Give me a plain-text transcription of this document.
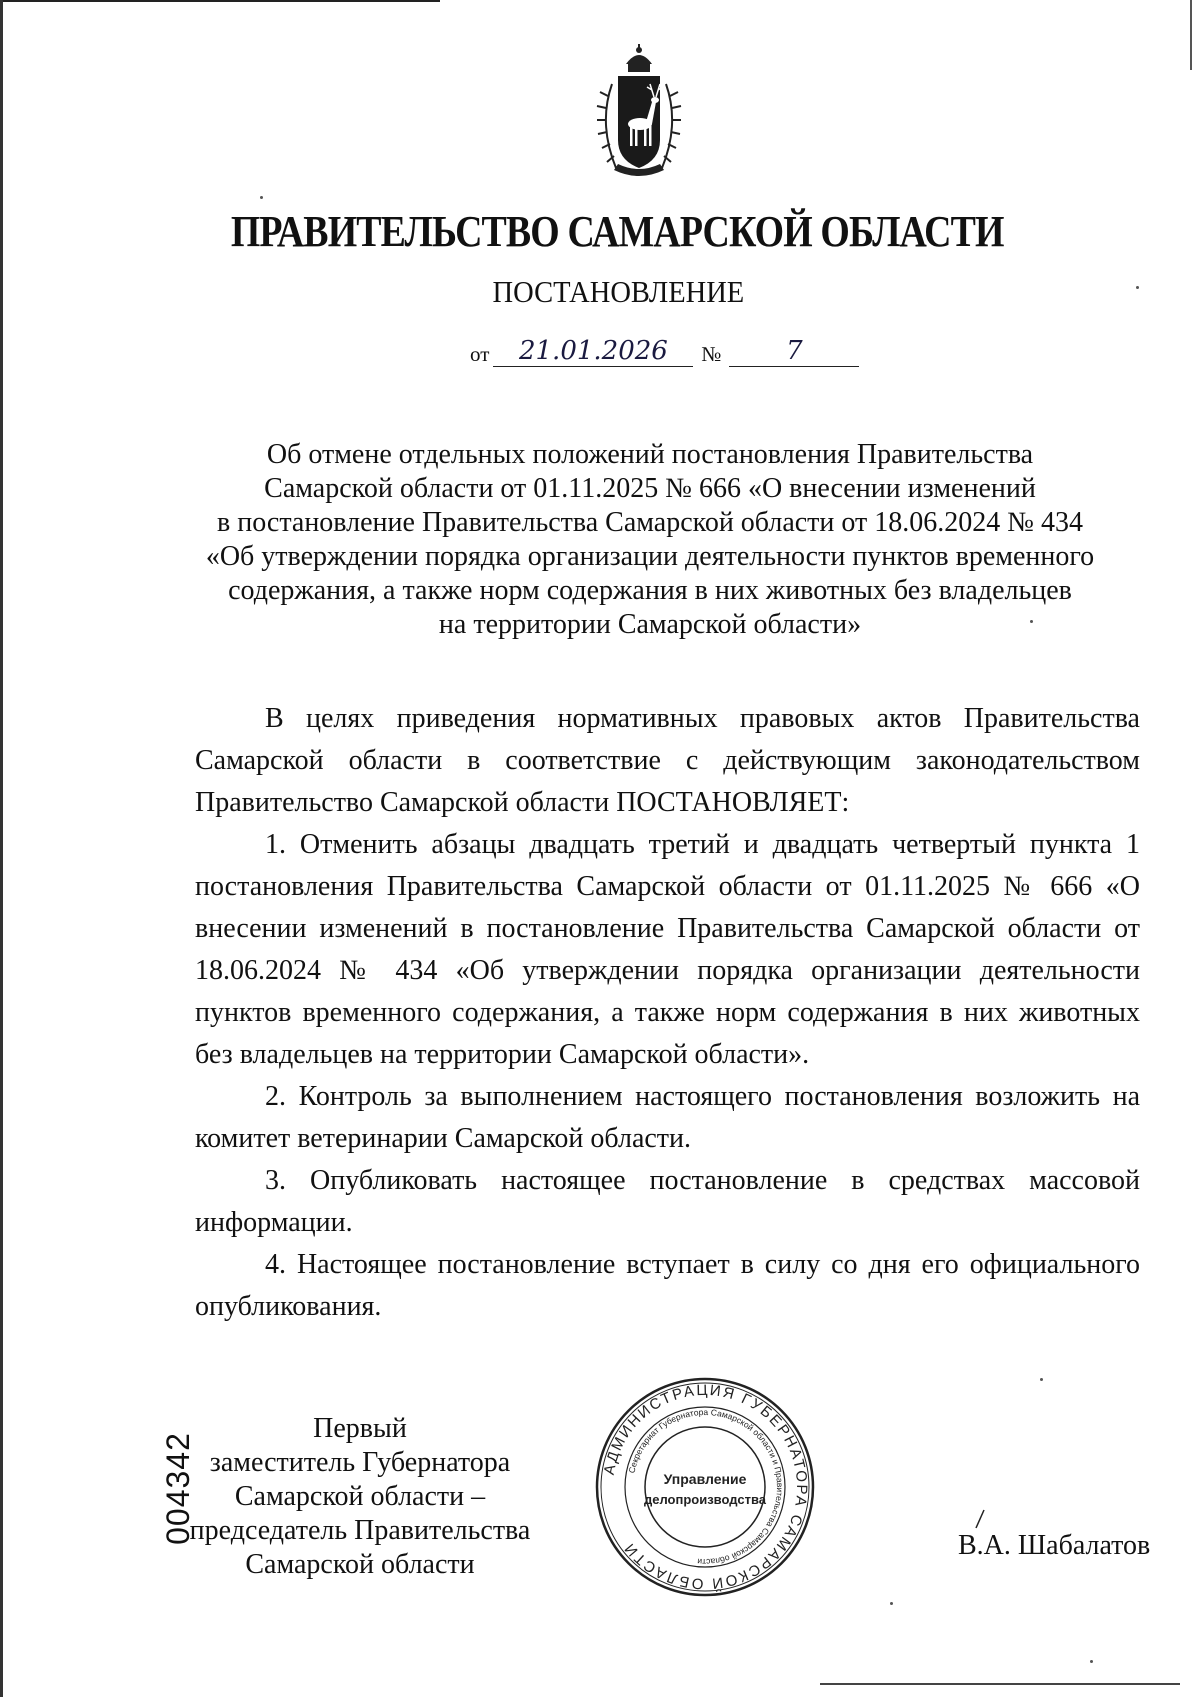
ПРАВИТЕЛЬСТВО САМАРСКОЙ ОБЛАСТИ
ПОСТАНОВЛЕНИЕ
от	21.01.2026	№	7
Об отмене отдельных положений постановления Правительства
Самарской области от 01.11.2025 № 666 «О внесении изменений
в постановление Правительства Самарской области от 18.06.2024 № 434
«Об утверждении порядка организации деятельности пунктов временного
содержания, а также норм содержания в них животных без владельцев
на территории Самарской области»

В целях приведения нормативных правовых актов Правительства Самарской области в соответствие с действующим законодательством Правительство Самарской области ПОСТАНОВЛЯЕТ:

1. Отменить абзацы двадцать третий и двадцать четвертый пункта 1 постановления Правительства Самарской области от 01.11.2025 № 666 «О внесении изменений в постановление Правительства Самарской области от 18.06.2024 № 434 «Об утверждении порядка организации деятельности пунктов временного содержания, а также норм содержания в них животных без владельцев на территории Самарской области».

2. Контроль за выполнением настоящего постановления возложить на комитет ветеринарии Самарской области.

3. Опубликовать настоящее постановление в средствах массовой информации.

4. Настоящее постановление вступает в силу со дня его официального опубликования.

Первый
заместитель Губернатора
Самарской области –
председатель Правительства
Самарской области
АДМИНИСТРАЦИЯ ГУБЕРНАТОРА САМАРСКОЙ ОБЛАСТИ
Секретариат Губернатора Самарской области и Правительства Самарской области
Управление
делопроизводства
В.А. Шабалатов
004342
